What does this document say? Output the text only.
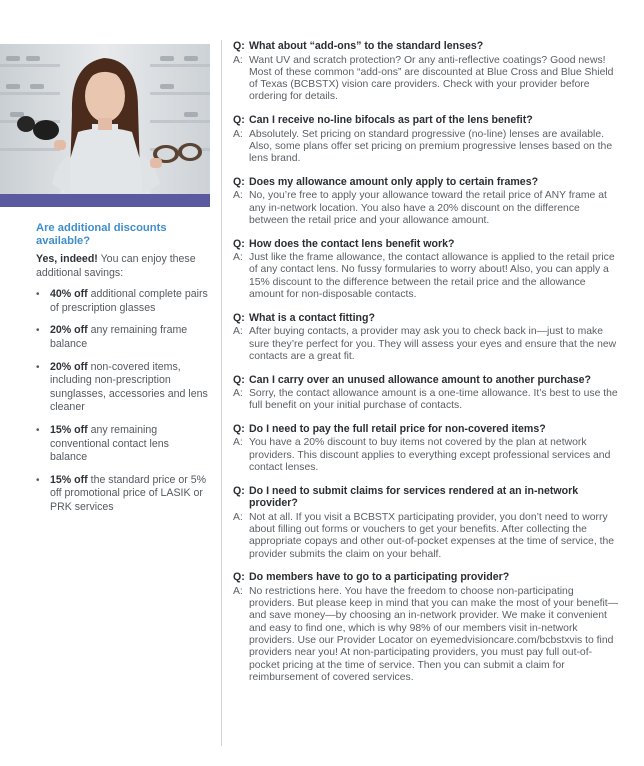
Are additional discounts available?

Yes, indeed! You can enjoy these additional savings:

• 40% off additional complete pairs of prescription glasses
• 20% off any remaining frame balance
• 20% off non-covered items, including non-prescription sunglasses, accessories and lens cleaner
• 15% off any remaining conventional contact lens balance
• 15% off the standard price or 5% off promotional price of LASIK or PRK services
Q: What about “add-ons” to the standard lenses?
A: Want UV and scratch protection? Or any anti-reflective coatings? Good news! Most of these common “add-ons” are discounted at Blue Cross and Blue Shield of Texas (BCBSTX) vision care providers. Check with your provider before ordering for details.
Q: Can I receive no-line bifocals as part of the lens benefit?
A: Absolutely. Set pricing on standard progressive (no-line) lenses are available. Also, some plans offer set pricing on premium progressive lenses based on the lens brand.
Q: Does my allowance amount only apply to certain frames?
A: No, you’re free to apply your allowance toward the retail price of ANY frame at any in-network location. You also have a 20% discount on the difference between the retail price and your allowance amount.
Q: How does the contact lens benefit work?
A: Just like the frame allowance, the contact allowance is applied to the retail price of any contact lens. No fussy formularies to worry about! Also, you can apply a 15% discount to the difference between the retail price and the allowance amount for non-disposable contacts.
Q: What is a contact fitting?
A: After buying contacts, a provider may ask you to check back in—just to make sure they’re perfect for you. They will assess your eyes and ensure that the new contacts are a great fit.
Q: Can I carry over an unused allowance amount to another purchase?
A: Sorry, the contact allowance amount is a one-time allowance. It’s best to use the full benefit on your initial purchase of contacts.
Q: Do I need to pay the full retail price for non-covered items?
A: You have a 20% discount to buy items not covered by the plan at network providers. This discount applies to everything except professional services and contact lenses.
Q: Do I need to submit claims for services rendered at an in-network provider?
A: Not at all. If you visit a BCBSTX participating provider, you don’t need to worry about filling out forms or vouchers to get your benefits. After collecting the appropriate copays and other out-of-pocket expenses at the time of service, the provider submits the claim on your behalf.
Q: Do members have to go to a participating provider?
A: No restrictions here. You have the freedom to choose non-participating providers. But please keep in mind that you can make the most of your benefit—and save money—by choosing an in-network provider. We make it convenient and easy to find one, which is why 98% of our members visit in-network providers. Use our Provider Locator on eyemedvisioncare.com/bcbstxvis to find providers near you! At non-participating providers, you must pay full out-of-pocket pricing at the time of service. Then you can submit a claim for reimbursement of covered services.
